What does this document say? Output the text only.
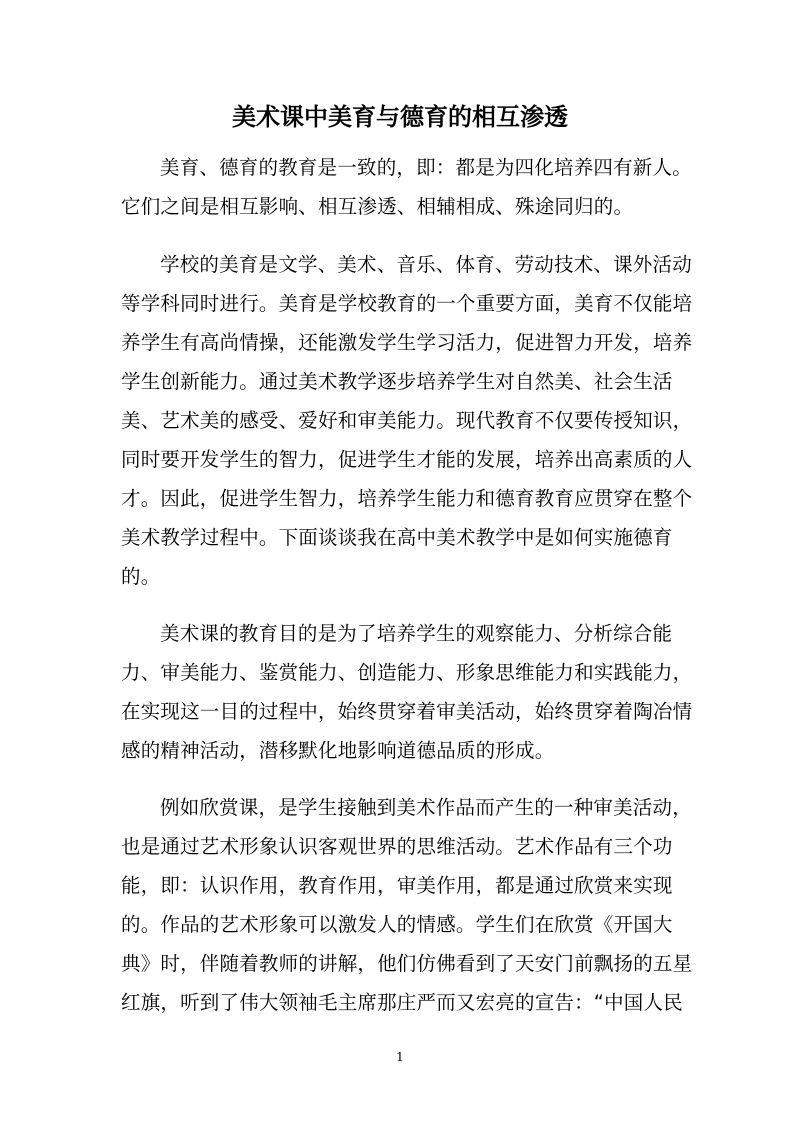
美术课中美育与德育的相互渗透
美育、德育的教育是一致的，即：都是为四化培养四有新人。
它们之间是相互影响、相互渗透、相辅相成、殊途同归的。
学校的美育是文学、美术、音乐、体育、劳动技术、课外活动
等学科同时进行。美育是学校教育的一个重要方面，美育不仅能培
养学生有高尚情操，还能激发学生学习活力，促进智力开发，培养
学生创新能力。通过美术教学逐步培养学生对自然美、社会生活
美、艺术美的感受、爱好和审美能力。现代教育不仅要传授知识，
同时要开发学生的智力，促进学生才能的发展，培养出高素质的人
才。因此，促进学生智力，培养学生能力和德育教育应贯穿在整个
美术教学过程中。下面谈谈我在高中美术教学中是如何实施德育
的。
美术课的教育目的是为了培养学生的观察能力、分析综合能
力、审美能力、鉴赏能力、创造能力、形象思维能力和实践能力，
在实现这一目的过程中，始终贯穿着审美活动，始终贯穿着陶冶情
感的精神活动，潜移默化地影响道德品质的形成。
例如欣赏课，是学生接触到美术作品而产生的一种审美活动，
也是通过艺术形象认识客观世界的思维活动。艺术作品有三个功
能，即：认识作用，教育作用，审美作用，都是通过欣赏来实现
的。作品的艺术形象可以激发人的情感。学生们在欣赏《开国大
典》时，伴随着教师的讲解，他们仿佛看到了天安门前飘扬的五星
红旗，听到了伟大领袖毛主席那庄严而又宏亮的宣告：“中国人民
1
